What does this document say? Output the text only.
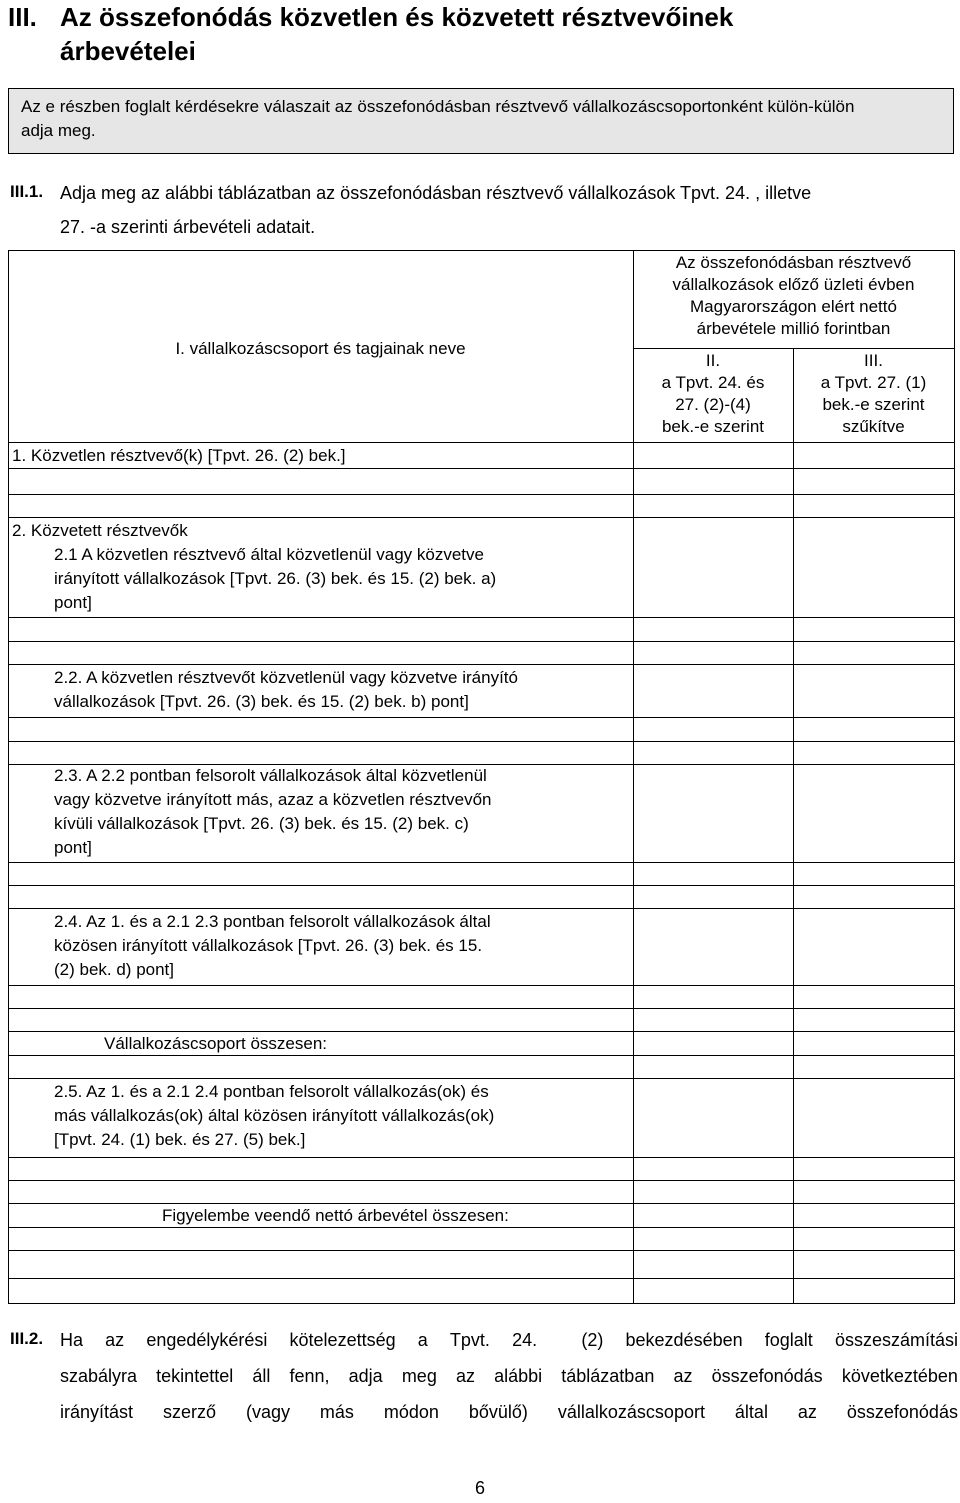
III. Az összefonódás közvetlen és közvetett résztvevőinek
árbevételei
Az e részben foglalt kérdésekre válaszait az összefonódásban résztvevő vállalkozáscsoportonként külön-külön
adja meg.
III.1. Adja meg az alábbi táblázatban az összefonódásban résztvevő vállalkozások Tpvt. 24. , illetve
27. -a szerinti árbevételi adatait.
I. vállalkozáscsoport és tagjainak neve
Az összefonódásban résztvevő
vállalkozások előző üzleti évben
Magyarországon elért nettó
árbevétele millió forintban
II.
a Tpvt. 24. és
27. (2)-(4)
bek.-e szerint
III.
a Tpvt. 27. (1)
bek.-e szerint
szűkítve
1. Közvetlen résztvevő(k) [Tpvt. 26. (2) bek.]
2. Közvetett résztvevők
2.1 A közvetlen résztvevő által közvetlenül vagy közvetve
irányított vállalkozások [Tpvt. 26. (3) bek. és 15. (2) bek. a)
pont]
2.2. A közvetlen résztvevőt közvetlenül vagy közvetve irányító
vállalkozások [Tpvt. 26. (3) bek. és 15. (2) bek. b) pont]
2.3. A 2.2 pontban felsorolt vállalkozások által közvetlenül
vagy közvetve irányított más, azaz a közvetlen résztvevőn
kívüli vállalkozások [Tpvt. 26. (3) bek. és 15. (2) bek. c)
pont]
2.4. Az 1. és a 2.1 2.3 pontban felsorolt vállalkozások által
közösen irányított vállalkozások [Tpvt. 26. (3) bek. és 15.
(2) bek. d) pont]
Vállalkozáscsoport összesen:
2.5. Az 1. és a 2.1 2.4 pontban felsorolt vállalkozás(ok) és
más vállalkozás(ok) által közösen irányított vállalkozás(ok)
[Tpvt. 24. (1) bek. és 27. (5) bek.]
Figyelembe veendő nettó árbevétel összesen:
III.2. Ha az engedélykérési kötelezettség a Tpvt. 24. (2) bekezdésében foglalt összeszámítási
szabályra tekintettel áll fenn, adja meg az alábbi táblázatban az összefonódás következtében
irányítást szerző (vagy más módon bővülő) vállalkozáscsoport által az összefonódás
6
